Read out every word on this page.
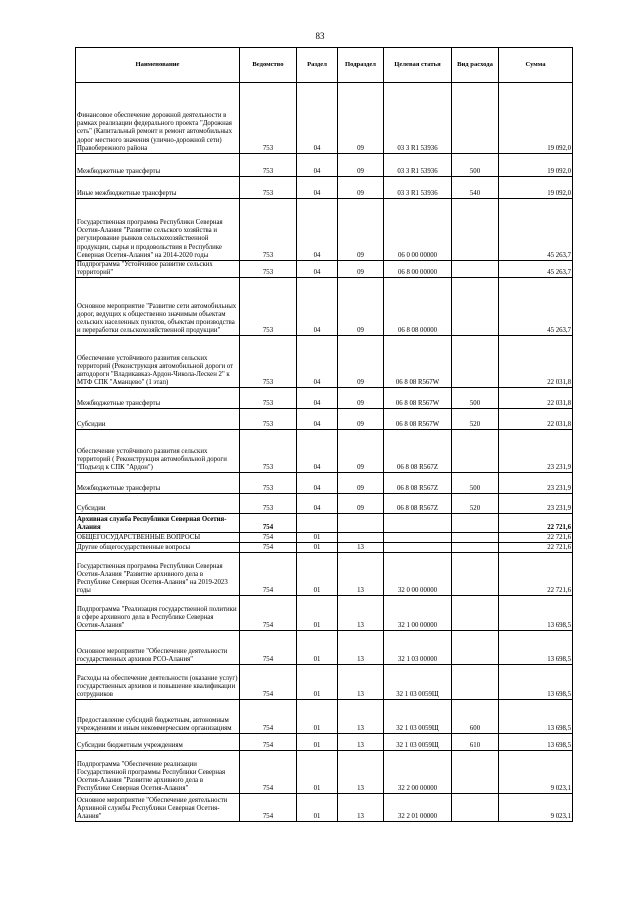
83
Наименование	Ведомство	Раздел	Подраздел	Целевая статья	Вид расхода	Сумма
Финансовое обеспечение дорожной деятельности в рамках реализации федерального проекта "Дорожная сеть" (Капитальный ремонт и ремонт автомобильных дорог местного значения (улично-дорожной сети) Правобережного района	753	04	09	03 3 R1 53936		19 092,0
Межбюджетные трансферты	753	04	09	03 3 R1 53936	500	19 092,0
Иные межбюджетные трансферты	753	04	09	03 3 R1 53936	540	19 092,0
Государственная программа Республики Северная Осетия-Алания "Развитие сельского хозяйства и регулирование рынков сельскохозяйственной продукции, сырья и продовольствия в Республике Северная Осетия-Алания" на 2014-2020 годы	753	04	09	06 0 00 00000		45 263,7
Подпрограмма "Устойчивое развитие сельских территорий"	753	04	09	06 8 00 00000		45 263,7
Основное мероприятие "Развитие сети автомобильных дорог, ведущих к общественно значимым объектам сельских населенных пунктов, объектам производства и переработки сельскохозяйственной продукции"	753	04	09	06 8 08 00000		45 263,7
Обеспечение устойчивого развития сельских территорий (Реконструкция автомобильной дороги от автодороги "Владикавказ-Ардон-Чикола-Лескен 2" к МТФ СПК "Аманцево" (1 этап)	753	04	09	06 8 08 R567W		22 031,8
Межбюджетные трансферты	753	04	09	06 8 08 R567W	500	22 031,8
Субсидии	753	04	09	06 8 08 R567W	520	22 031,8
Обеспечение устойчивого развития сельских территорий ( Реконструкция автомобильной дороги "Подъезд к СПК "Ардон")	753	04	09	06 8 08 R567Z		23 231,9
Межбюджетные трансферты	753	04	09	06 8 08 R567Z	500	23 231,9
Субсидии	753	04	09	06 8 08 R567Z	520	23 231,9
Архивная служба Республики Северная Осетия-Алания	754					22 721,6
ОБЩЕГОСУДАРСТВЕННЫЕ ВОПРОСЫ	754	01				22 721,6
Другие общегосударственные вопросы	754	01	13			22 721,6
Государственная программа Республики Северная Осетия-Алания "Развитие архивного дела в Республике Северная Осетия-Алания" на 2019-2023 годы	754	01	13	32 0 00 00000		22 721,6
Подпрограмма "Реализация государственной политики в сфере архивного дела в Республике Северная Осетия-Алания"	754	01	13	32 1 00 00000		13 698,5
Основное мероприятие "Обеспечение деятельности государственных архивов РСО-Алания"	754	01	13	32 1 03 00000		13 698,5
Расходы на обеспечение деятельности (оказание услуг) государственных архивов и повышение квалификации сотрудников	754	01	13	32 1 03 0059Щ		13 698,5
Предоставление субсидий бюджетным, автономным учреждениям и иным некоммерческим организациям	754	01	13	32 1 03 0059Щ	600	13 698,5
Субсидии бюджетным учреждениям	754	01	13	32 1 03 0059Щ	610	13 698,5
Подпрограмма "Обеспечение реализации Государственной программы Республики Северная Осетия-Алания "Развитие архивного дела в Республике Северная Осетия-Алания"	754	01	13	32 2 00 00000		9 023,1
Основное мероприятие "Обеспечение деятельности Архивной службы Республики Северная Осетия-Алания"	754	01	13	32 2 01 00000		9 023,1
